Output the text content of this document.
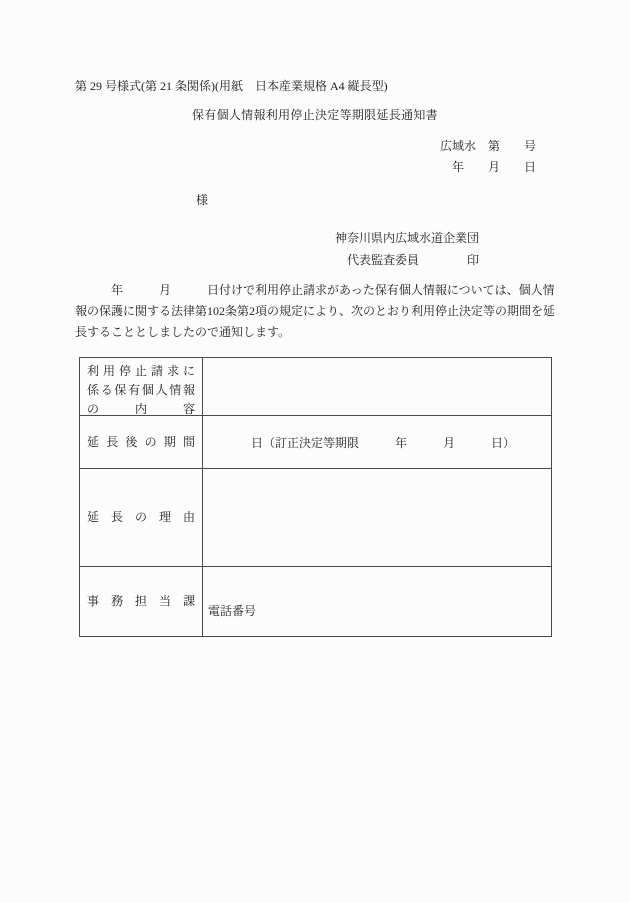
第 29 号様式(第 21 条関係)(用紙　日本産業規格 A4 縦長型)
保有個人情報利用停止決定等期限延長通知書
広域水　第　　号
年　　月　　日
様
神奈川県内広域水道企業団
　代表監査委員	印
　　　年　　　月　　　日付けで利用停止請求があった保有個人情報については、個人情
報の保護に関する法律第102条第2項の規定により、次のとおり利用停止決定等の期間を延
長することとしましたので通知します。
利用停止請求に
係る保有個人情報
の内容
延長後の期間 　　　　日（訂正決定等期限　　　年　　　月　　　日）
延長の理由
事務担当課
電話番号
